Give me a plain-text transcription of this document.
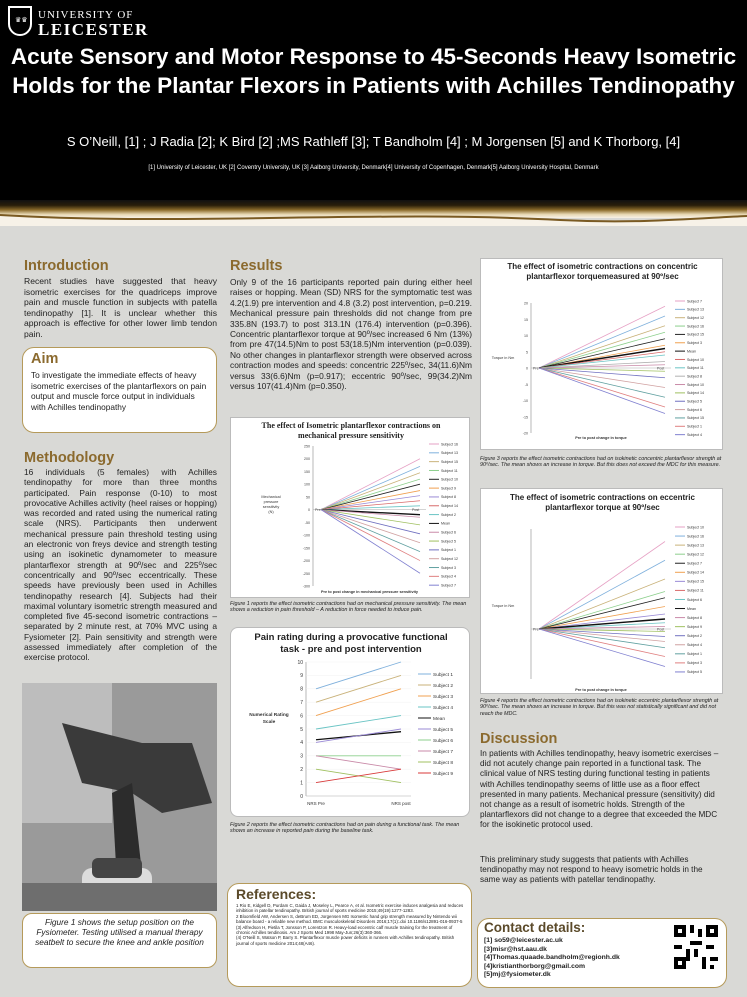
♛♛ UNIVERSITY OF
LEICESTER
Acute Sensory and Motor Response to 45-Seconds Heavy Isometric Holds for the Plantar Flexors in Patients with Achilles Tendinopathy
S O’Neill, [1] ; J Radia [2]; K Bird [2] ;MS Rathleff [3]; T Bandholm [4] ; M Jorgensen [5] and K Thorborg, [4]
[1] University of Leicester, UK [2] Coventry University, UK [3] Aalborg University, Denmark[4] University of Copenhagen, Denmark[5] Aalborg University Hospital, Denmark
Introduction
Recent studies have suggested that heavy isometric exercises for the quadriceps improve pain and muscle function in subjects with patella tendinopathy [1]. It is unclear whether this approach is effective for other lower limb tendon pain.
Aim
To investigate the immediate effects of heavy isometric exercises of the plantarflexors on pain output and muscle force output in individuals with Achilles tendinopathy
Methodology
16 individuals (5 females) with Achilles tendinopathy for more than three months participated. Pain response (0-10) to most provocative Achilles activity (heel raises or hopping) was recorded and rated using the numerical rating scale (NRS). Participants then underwent mechanical pressure pain threshold testing using an electronic von freys device and strength testing using an isokinetic dynamometer to measure plantarflexor strength at 90º/sec and 225º/sec concentrically and 90º/sec eccentrically. These speeds have previously been used in Achilles tendinopathy research [4]. Subjects had their maximal voluntary isometric strength measured and completed five 45-second isometric contractions – separated by 2 minute rest, at 70% MVC using a Fysiometer [2]. Pain sensitivity and strength were assessed immediately after completion of the exercise protocol.
Figure 1 shows the setup position on the Fysiometer. Testing utilised a manual therapy seatbelt to secure the knee and ankle position
Results
Only 9 of the 16 participants reported pain during either heel raises or hopping. Mean (SD) NRS for the symptomatic test was 4.2(1.9) pre intervention and 4.8 (3.2) post intervention, p=0.219. Mechanical pressure pain thresholds did not change from pre 335.8N (193.7) to post 313.1N (176.4) intervention (p=0.396). Concentric plantarflexor torque at 90º/sec increased 6 Nm (13%) from pre 47(14.5)Nm to post 53(18.5)Nm intervention (p=0.039). No other changes in plantarflexor strength were observed across contraction modes and speeds: concentric 225º/sec, 34(11.6)Nm versus 33(6.6)Nm (p=0.917); eccentric 90º/sec, 99(34.2)Nm versus 107(41.4)Nm (p=0.350).
The effect of Isometric plantarflexor contractions on mechanical pressure sensitivity
250
200
150
100
50
0
-50
-100
-150
-200
-250
-300
Pre	Post
Subject 16
Subject 13
Subject 15
Subject 11
Subject 10
Subject 9
Subject 8
Subject 14
Subject 2
Mean
Subject 6
Subject 5
Subject 1
Subject 12
Subject 3
Subject 4
Subject 7
Mechanical
pressure
sensitivity
(N)
Pre to post change in mechanical pressure sensitivity
Figure 1 reports the effect isometric contractions had on mechanical pressure sensitivity. The mean shows a reduction in pain threshold – A reduction in force needed to induce pain.
Pain rating during a provocative functional task - pre and post intervention
10
9
8
7
6
5
4
3
2
1
0
NRS Pre	NRS post
Subject 1
Subject 2
Subject 3
Subject 4
Mean
Subject 5
Subject 6
Subject 7
Subject 8
Subject 9
Numerical Rating
Scale
Figure 2 reports the effect isometric contractions had on pain during a functional task. The mean shows an increase in reported pain during the baseline task.
References:
1 Rio E, Kidgell D, Purdam C, Gaida J, Moseley L, Pearce A, et al. Isometric exercise induces analgesia and reduces inhibition in patellar tendinopathy. British journal of sports medicine 2015;49(19):1277-1283.
2 Bloomfield AW, Andersen S, deBrum ED, Jorgensen MG Isometric hand grip strength measured by Nintendo wii balance board - a reliable new method. BMC musculoskeletal Disorders 2016;17(1):.doi 10.1186/s12891-016-0937-5
(3) Alfredson H, Pietila T, Jonsson P, Lorentzon R. Heavy-load eccentric calf muscle training for the treatment of chronic Achilles tendinosis. Am J Sports Med 1998 May-Jun;26(3):360-366.
(4) O'Neill S, Watson P, Barry S. Plantarflexor muscle power deficits in runners with Achilles tendinopathy. British journal of sports medicine 2014;48(A46).
The effect of isometric contractions on concentric plantarflexor torquemeasured at 90º/sec
20
15
10
5
0
-5
-10
-15
-20
Pre	Post
Subject 7
Subject 13
Subject 12
Subject 16
Subject 15
Subject 3
Mean
Subject 10
Subject 11
Subject 8
Subject 10
Subject 14
Subject 5
Subject 6
Subject 15
Subject 1
Subject 4
Torque in Nm
Pre to post change in torque
Figure 3 reports the effect isometric contractions had on isokinetic concentric plantarflexor strength at 90º/sec. The mean shows an increase in torque. But this does not exceed the MDC for this measure.
The effect of isometric contractions on eccentric plantarflexor torque at 90º/sec
Pre	Post
Subject 10
Subject 16
Subject 13
Subject 12
Subject 7
Subject 14
Subject 15
Subject 11
Subject 6
Mean
Subject 8
Subject 9
Subject 2
Subject 4
Subject 1
Subject 3
Subject 5
Torque in Nm
Pre to post change in torque
Figure 4 reports the effect isometric contractions had on isokinetic eccentric plantarflexor strength at 90º/sec. The mean shows an increase in torque. But this was not statistically significant and did not reach the MDC.
Discussion
In patients with Achilles tendinopathy, heavy isometric exercises – did not acutely change pain reported in a functional task. The clinical value of NRS testing during functional testing in patients with Achilles tendinopathy seems of little use as a floor effect presented in many patients. Mechanical pressure (sensitivity) did not change as a result of isometric holds. Strength of the plantarflexors did not change to a degree that exceeded the MDC for the isokinetic protocol used.
This preliminary study suggests that patients with Achilles tendinopathy may not respond to heavy isometric holds in the same way as patients with patellar tendinopathy.
Contact details:
[1] so59@leicester.ac.uk
[3]misr@hst.aau.dk
[4]Thomas.quaade.bandholm@regionh.dk
[4]kristianthorborg@gmail.com
[5]mj@fysiometer.dk
